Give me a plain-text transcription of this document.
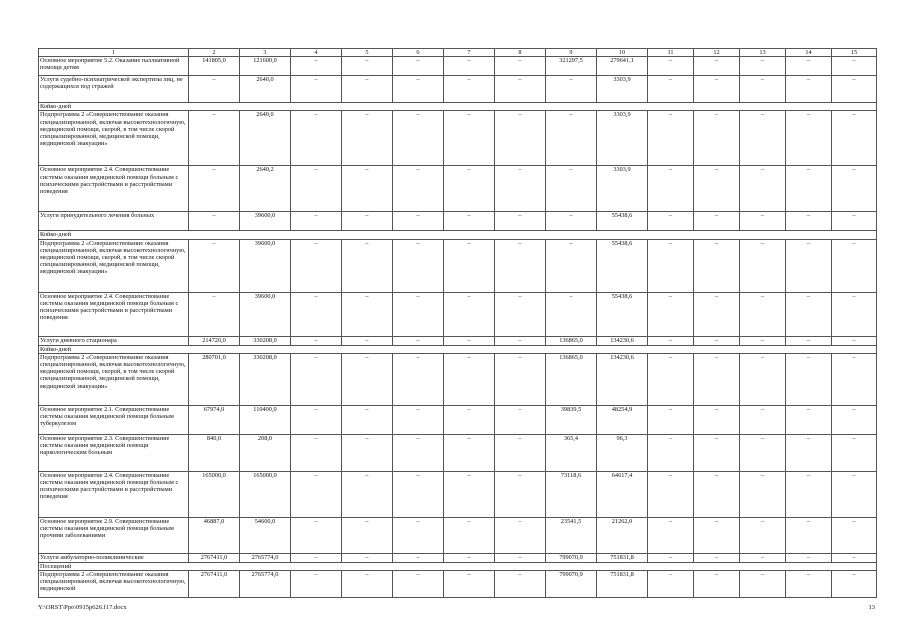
1	2	3	4	5	6	7	8	9	10	11	12	13	14	15
Основное мероприятие 5.2. Оказание паллиативной помощи детям	141805,0	121600,0	–	–	–	–	–	321297,5	279641,1	–	–	–	–	–
Услуги судебно-психиатрической экспертизы лиц, не содержащихся под стражей	–	2640,0	–	–	–	–	–	–	3303,9	–	–	–	–	–
Койко-дней														
Подпрограмма 2 «Совершенствование оказания специализированной, включая высокотехнологичную, медицинской помощи, скорой, в том числе скорой специализированной, медицинской помощи, медицинской эвакуации»	–	2640,0	–	–	–	–	–	–	3303,9	–	–	–	–	–
Основное мероприятие 2.4. Совершенствование системы оказания медицинской помощи больным с психическими расстройствами и расстройствами поведения	–	2640,2	–	–	–	–	–	–	3303,9	–	–	–	–	–
Услуги принудительного лечения больных	–	39600,0	–	–	–	–	–	–	55438,6	–	–	–	–	–
Койко-дней														
Подпрограмма 2 «Совершенствование оказания специализированной, включая высокотехнологичную, медицинской помощи, скорой, в том числе скорой специализированной, медицинской помощи, медицинской эвакуации»	–	39600,0	–	–	–	–	–	–	55438,6	–	–	–	–	–
Основное мероприятие 2.4. Совершенствование системы оказания медицинской помощи больным с психическими расстройствами и расстройствами поведения	–	39600,0	–	–	–	–	–	–	55438,6	–	–	–	–	–
Услуги дневного стационара	214720,0	330208,0	–	–	–	–	–	136865,0	134230,6	–	–	–	–	–
Койко-дней														
Подпрограмма 2 «Совершенствование оказания специализированной, включая высокотехнологичную, медицинской помощи, скорой, в том числе скорой специализированной, медицинской помощи, медицинской эвакуации»	280701,0	330208,0	–	–	–	–	–	136865,0	134230,6	–	–	–	–	–
Основное мероприятие 2.1. Совершенствование системы оказания медицинской помощи больным туберкулезом	67974,0	110400,0	–	–	–	–	–	39839,5	48254,9	–	–	–	–	–
Основное мероприятие 2.3. Совершенствование системы оказания медицинской помощи наркологическим больным	840,0	208,0	–	–	–	–	–	365,4	96,3	–	–	–	–	–
Основное мероприятие 2.4. Совершенствование системы оказания медицинской помощи больным с психическими расстройствами и расстройствами поведения	165000,0	165000,0	–	–	–	–	–	73118,6	64617,4	–	–	–	–	–
Основное мероприятие 2.9. Совершенствование системы оказания медицинской помощи больным прочими заболеваниями	46887,0	54600,0	–	–	–	–	–	23541,5	21262,0	–	–	–	–	–
Услуги амбулаторно-поликлинические	2767411,0	2765774,0	–	–	–	–	–	799070,9	751831,8	–	–	–	–	–
Посещений														
Подпрограмма 2 «Совершенствование оказания специализированной, включая высокотехнологичную, медицинской	2767411,0	2765774,0	–	–	–	–	–	799070,9	751831,8	–	–	–	–	–
Y:\ORST\Ppo\0915p626.f17.docx	13
